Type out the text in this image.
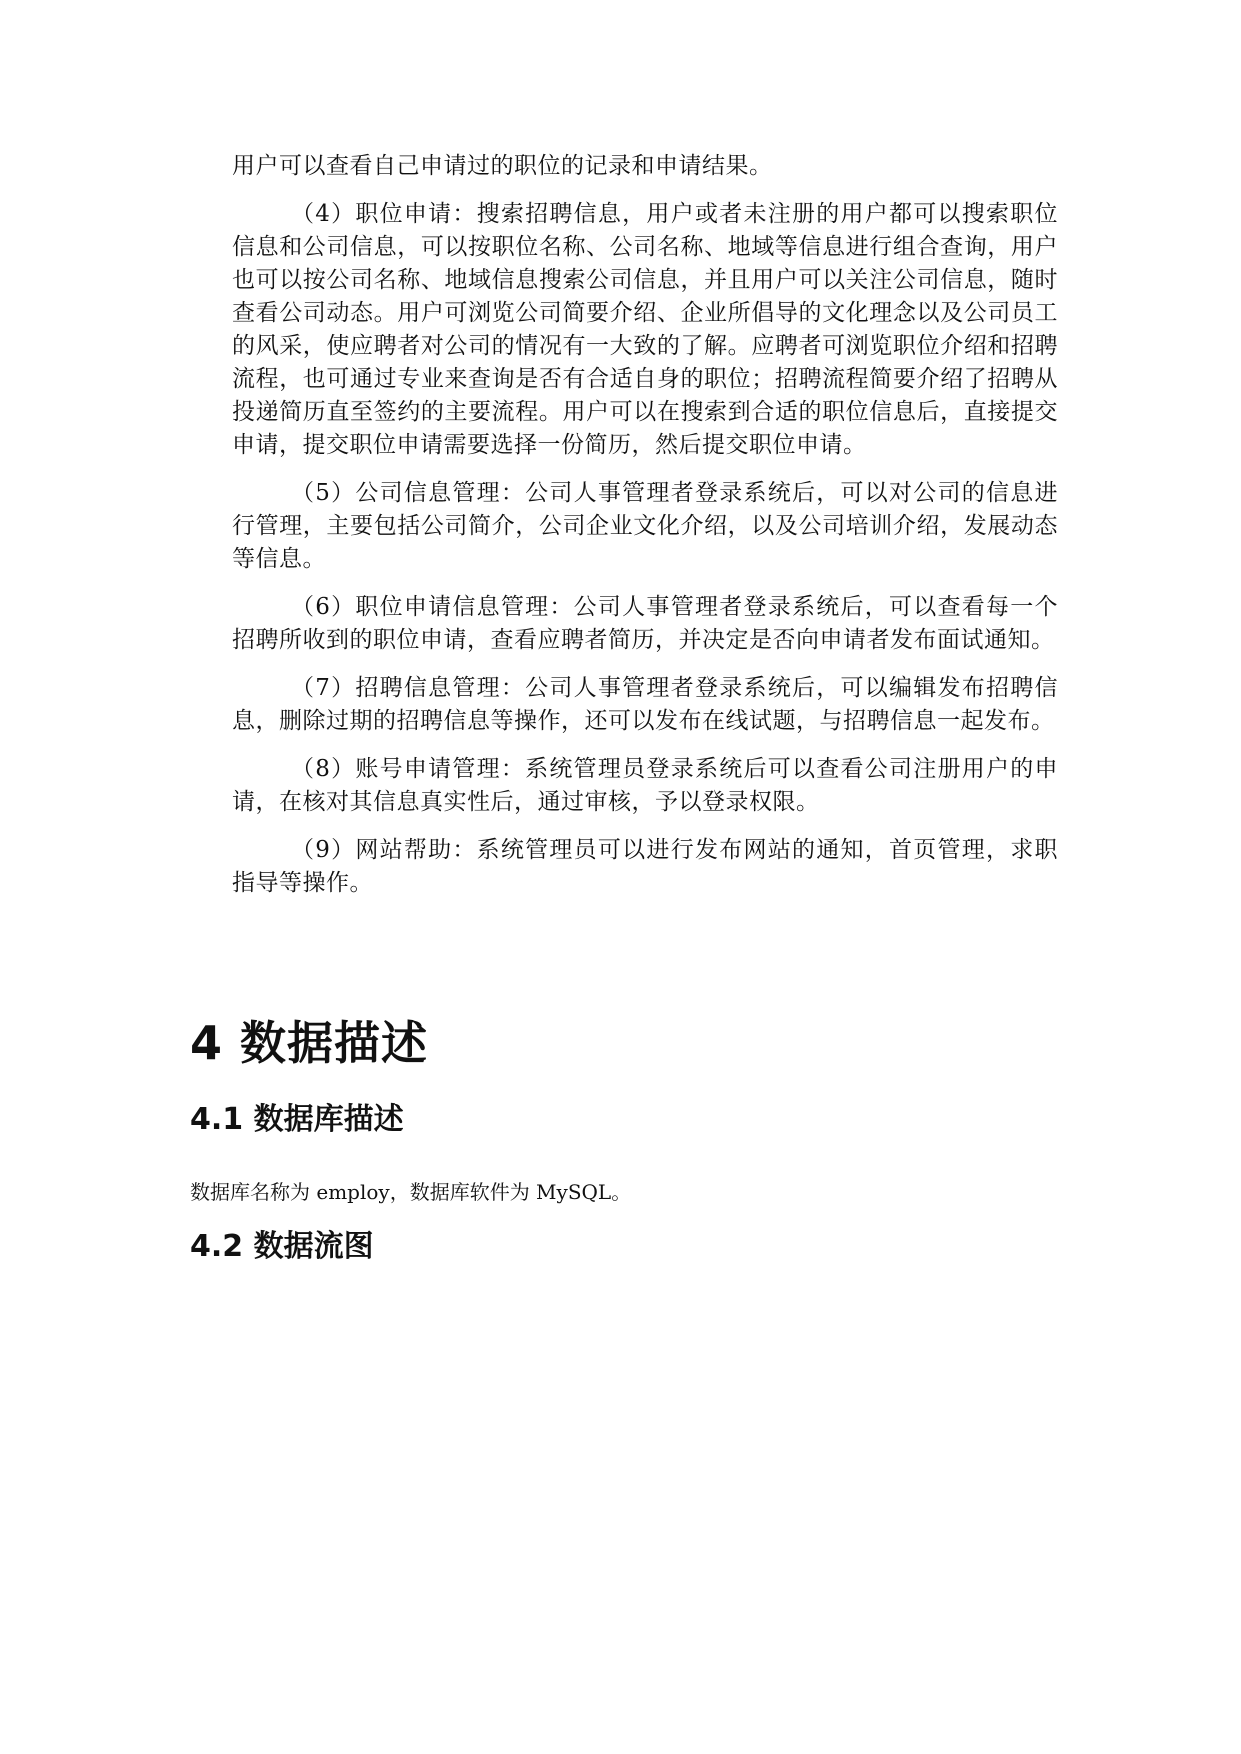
用户可以查看自己申请过的职位的记录和申请结果。

（4）职位申请：搜索招聘信息，用户或者未注册的用户都可以搜索职位信息和公司信息，可以按职位名称、公司名称、地域等信息进行组合查询，用户也可以按公司名称、地域信息搜索公司信息，并且用户可以关注公司信息，随时查看公司动态。用户可浏览公司简要介绍、企业所倡导的文化理念以及公司员工的风采，使应聘者对公司的情况有一大致的了解。应聘者可浏览职位介绍和招聘流程，也可通过专业来查询是否有合适自身的职位；招聘流程简要介绍了招聘从投递简历直至签约的主要流程。用户可以在搜索到合适的职位信息后，直接提交申请，提交职位申请需要选择一份简历，然后提交职位申请。

（5）公司信息管理：公司人事管理者登录系统后，可以对公司的信息进行管理，主要包括公司简介，公司企业文化介绍，以及公司培训介绍，发展动态等信息。

（6）职位申请信息管理：公司人事管理者登录系统后，可以查看每一个招聘所收到的职位申请，查看应聘者简历，并决定是否向申请者发布面试通知。

（7）招聘信息管理：公司人事管理者登录系统后，可以编辑发布招聘信息，删除过期的招聘信息等操作，还可以发布在线试题，与招聘信息一起发布。

（8）账号申请管理：系统管理员登录系统后可以查看公司注册用户的申请，在核对其信息真实性后，通过审核，予以登录权限。

（9）网站帮助：系统管理员可以进行发布网站的通知，首页管理，求职指导等操作。

4 数据描述
4.1 数据库描述

数据库名称为 employ，数据库软件为 MySQL。

4.2 数据流图
